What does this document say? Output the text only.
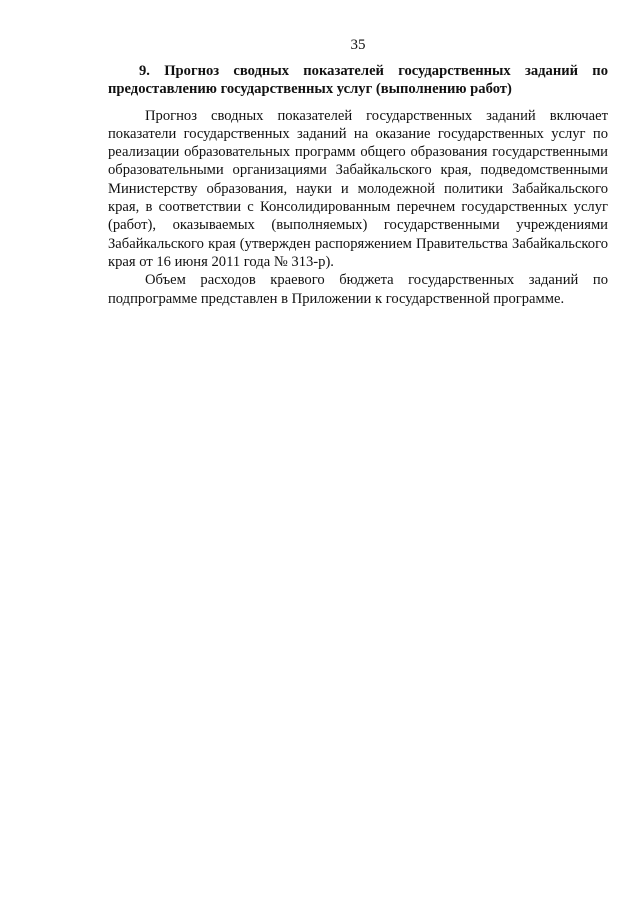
35

9. Прогноз сводных показателей государственных заданий по предоставлению государственных услуг (выполнению работ)

Прогноз сводных показателей государственных заданий включает показатели государственных заданий на оказание государственных услуг по реализации образовательных программ общего образования государственными образовательными организациями Забайкальского края, подведомственными Министерству образования, науки и молодежной политики Забайкальского края, в соответствии с Консолидированным перечнем государственных услуг (работ), оказываемых (выполняемых) государственными учреждениями Забайкальского края (утвержден распоряжением Правительства Забайкальского края от 16 июня 2011 года № 313-р).

Объем расходов краевого бюджета государственных заданий по подпрограмме представлен в Приложении к государственной программе.
